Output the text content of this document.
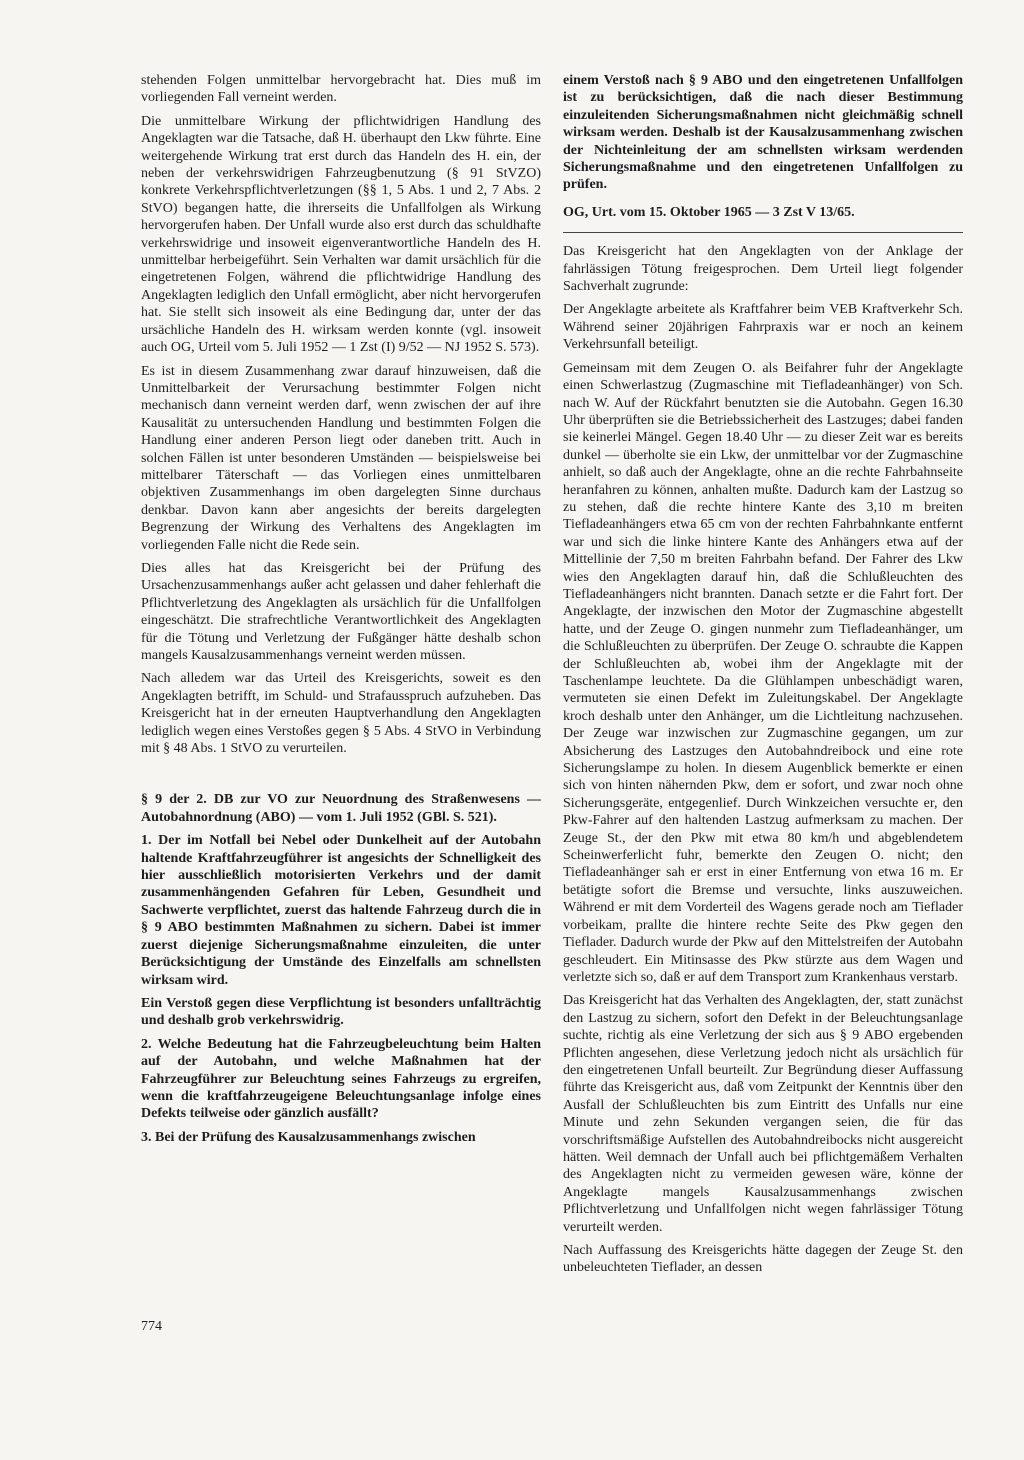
stehenden Folgen unmittelbar hervorgebracht hat. Dies muß im vorliegenden Fall verneint werden.

Die unmittelbare Wirkung der pflichtwidrigen Handlung des Angeklagten war die Tatsache, daß H. überhaupt den Lkw führte. Eine weitergehende Wirkung trat erst durch das Handeln des H. ein, der neben der verkehrswidrigen Fahrzeugbenutzung (§ 91 StVZO) konkrete Verkehrspflichtverletzungen (§§ 1, 5 Abs. 1 und 2, 7 Abs. 2 StVO) begangen hatte, die ihrerseits die Unfallfolgen als Wirkung hervorgerufen haben. Der Unfall wurde also erst durch das schuldhafte verkehrswidrige und insoweit eigenverantwortliche Handeln des H. unmittelbar herbeigeführt. Sein Verhalten war damit ursächlich für die eingetretenen Folgen, während die pflichtwidrige Handlung des Angeklagten lediglich den Unfall ermöglicht, aber nicht hervorgerufen hat. Sie stellt sich insoweit als eine Bedingung dar, unter der das ursächliche Handeln des H. wirksam werden konnte (vgl. insoweit auch OG, Urteil vom 5. Juli 1952 — 1 Zst (I) 9/52 — NJ 1952 S. 573).

Es ist in diesem Zusammenhang zwar darauf hinzuweisen, daß die Unmittelbarkeit der Verursachung bestimmter Folgen nicht mechanisch dann verneint werden darf, wenn zwischen der auf ihre Kausalität zu untersuchenden Handlung und bestimmten Folgen die Handlung einer anderen Person liegt oder daneben tritt. Auch in solchen Fällen ist unter besonderen Umständen — beispielsweise bei mittelbarer Täterschaft — das Vorliegen eines unmittelbaren objektiven Zusammenhangs im oben dargelegten Sinne durchaus denkbar. Davon kann aber angesichts der bereits dargelegten Begrenzung der Wirkung des Verhaltens des Angeklagten im vorliegenden Falle nicht die Rede sein.

Dies alles hat das Kreisgericht bei der Prüfung des Ursachenzusammenhangs außer acht gelassen und daher fehlerhaft die Pflichtverletzung des Angeklagten als ursächlich für die Unfallfolgen eingeschätzt. Die strafrechtliche Verantwortlichkeit des Angeklagten für die Tötung und Verletzung der Fußgänger hätte deshalb schon mangels Kausalzusammenhangs verneint werden müssen.

Nach alledem war das Urteil des Kreisgerichts, soweit es den Angeklagten betrifft, im Schuld- und Strafausspruch aufzuheben. Das Kreisgericht hat in der erneuten Hauptverhandlung den Angeklagten lediglich wegen eines Verstoßes gegen § 5 Abs. 4 StVO in Verbindung mit § 48 Abs. 1 StVO zu verurteilen.

§ 9 der 2. DB zur VO zur Neuordnung des Straßenwesens — Autobahnordnung (ABO) — vom 1. Juli 1952 (GBl. S. 521).

1. Der im Notfall bei Nebel oder Dunkelheit auf der Autobahn haltende Kraftfahrzeugführer ist angesichts der Schnelligkeit des hier ausschließlich motorisierten Verkehrs und der damit zusammenhängenden Gefahren für Leben, Gesundheit und Sachwerte verpflichtet, zuerst das haltende Fahrzeug durch die in § 9 ABO bestimmten Maßnahmen zu sichern. Dabei ist immer zuerst diejenige Sicherungsmaßnahme einzuleiten, die unter Berücksichtigung der Umstände des Einzelfalls am schnellsten wirksam wird.

Ein Verstoß gegen diese Verpflichtung ist besonders unfallträchtig und deshalb grob verkehrswidrig.

2. Welche Bedeutung hat die Fahrzeugbeleuchtung beim Halten auf der Autobahn, und welche Maßnahmen hat der Fahrzeugführer zur Beleuchtung seines Fahrzeugs zu ergreifen, wenn die kraftfahrzeugeigene Beleuchtungsanlage infolge eines Defekts teilweise oder gänzlich ausfällt?

3. Bei der Prüfung des Kausalzusammenhangs zwischen

einem Verstoß nach § 9 ABO und den eingetretenen Unfallfolgen ist zu berücksichtigen, daß die nach dieser Bestimmung einzuleitenden Sicherungsmaßnahmen nicht gleichmäßig schnell wirksam werden. Deshalb ist der Kausalzusammenhang zwischen der Nichteinleitung der am schnellsten wirksam werdenden Sicherungsmaßnahme und den eingetretenen Unfallfolgen zu prüfen.

OG, Urt. vom 15. Oktober 1965 — 3 Zst V 13/65.

Das Kreisgericht hat den Angeklagten von der Anklage der fahrlässigen Tötung freigesprochen. Dem Urteil liegt folgender Sachverhalt zugrunde:

Der Angeklagte arbeitete als Kraftfahrer beim VEB Kraftverkehr Sch. Während seiner 20jährigen Fahrpraxis war er noch an keinem Verkehrsunfall beteiligt.

Gemeinsam mit dem Zeugen O. als Beifahrer fuhr der Angeklagte einen Schwerlastzug (Zugmaschine mit Tiefladeanhänger) von Sch. nach W. Auf der Rückfahrt benutzten sie die Autobahn. Gegen 16.30 Uhr überprüften sie die Betriebssicherheit des Lastzuges; dabei fanden sie keinerlei Mängel. Gegen 18.40 Uhr — zu dieser Zeit war es bereits dunkel — überholte sie ein Lkw, der unmittelbar vor der Zugmaschine anhielt, so daß auch der Angeklagte, ohne an die rechte Fahrbahnseite heranfahren zu können, anhalten mußte. Dadurch kam der Lastzug so zu stehen, daß die rechte hintere Kante des 3,10 m breiten Tiefladeanhängers etwa 65 cm von der rechten Fahrbahnkante entfernt war und sich die linke hintere Kante des Anhängers etwa auf der Mittellinie der 7,50 m breiten Fahrbahn befand. Der Fahrer des Lkw wies den Angeklagten darauf hin, daß die Schlußleuchten des Tiefladeanhängers nicht brannten. Danach setzte er die Fahrt fort. Der Angeklagte, der inzwischen den Motor der Zugmaschine abgestellt hatte, und der Zeuge O. gingen nunmehr zum Tiefladeanhänger, um die Schlußleuchten zu überprüfen. Der Zeuge O. schraubte die Kappen der Schlußleuchten ab, wobei ihm der Angeklagte mit der Taschenlampe leuchtete. Da die Glühlampen unbeschädigt waren, vermuteten sie einen Defekt im Zuleitungskabel. Der Angeklagte kroch deshalb unter den Anhänger, um die Lichtleitung nachzusehen. Der Zeuge war inzwischen zur Zugmaschine gegangen, um zur Absicherung des Lastzuges den Autobahndreibock und eine rote Sicherungslampe zu holen. In diesem Augenblick bemerkte er einen sich von hinten nähernden Pkw, dem er sofort, und zwar noch ohne Sicherungsgeräte, entgegenlief. Durch Winkzeichen versuchte er, den Pkw-Fahrer auf den haltenden Lastzug aufmerksam zu machen. Der Zeuge St., der den Pkw mit etwa 80 km/h und abgeblendetem Scheinwerferlicht fuhr, bemerkte den Zeugen O. nicht; den Tiefladeanhänger sah er erst in einer Entfernung von etwa 16 m. Er betätigte sofort die Bremse und versuchte, links auszuweichen. Während er mit dem Vorderteil des Wagens gerade noch am Tieflader vorbeikam, prallte die hintere rechte Seite des Pkw gegen den Tieflader. Dadurch wurde der Pkw auf den Mittelstreifen der Autobahn geschleudert. Ein Mitinsasse des Pkw stürzte aus dem Wagen und verletzte sich so, daß er auf dem Transport zum Krankenhaus verstarb.

Das Kreisgericht hat das Verhalten des Angeklagten, der, statt zunächst den Lastzug zu sichern, sofort den Defekt in der Beleuchtungsanlage suchte, richtig als eine Verletzung der sich aus § 9 ABO ergebenden Pflichten angesehen, diese Verletzung jedoch nicht als ursächlich für den eingetretenen Unfall beurteilt. Zur Begründung dieser Auffassung führte das Kreisgericht aus, daß vom Zeitpunkt der Kenntnis über den Ausfall der Schlußleuchten bis zum Eintritt des Unfalls nur eine Minute und zehn Sekunden vergangen seien, die für das vorschriftsmäßige Aufstellen des Autobahndreibocks nicht ausgereicht hätten. Weil demnach der Unfall auch bei pflichtgemäßem Verhalten des Angeklagten nicht zu vermeiden gewesen wäre, könne der Angeklagte mangels Kausalzusammenhangs zwischen Pflichtverletzung und Unfallfolgen nicht wegen fahrlässiger Tötung verurteilt werden.

Nach Auffassung des Kreisgerichts hätte dagegen der Zeuge St. den unbeleuchteten Tieflader, an dessen

774
